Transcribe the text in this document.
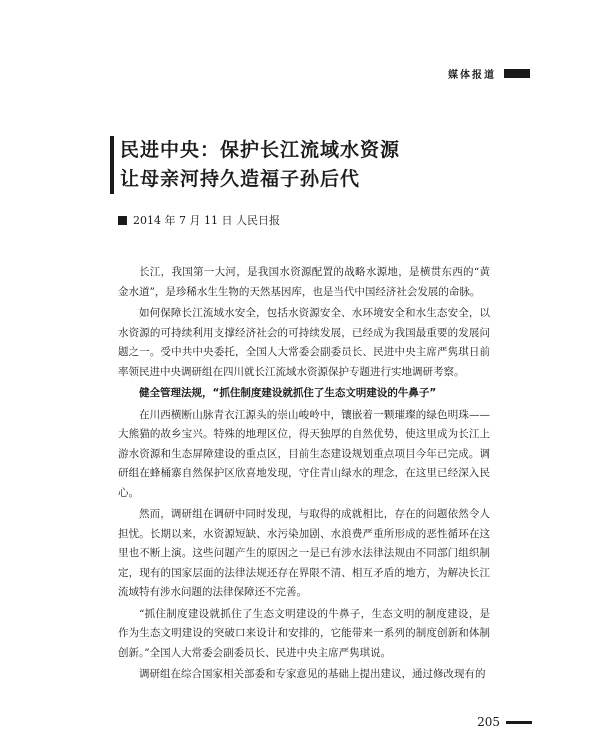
媒体报道
民进中央：保护长江流域水资源
让母亲河持久造福子孙后代
2014 年 7 月 11 日 人民日报

长江，我国第一大河，是我国水资源配置的战略水源地，是横贯东西的“黄金水道”，是珍稀水生生物的天然基因库，也是当代中国经济社会发展的命脉。

如何保障长江流域水安全，包括水资源安全、水环境安全和水生态安全，以水资源的可持续利用支撑经济社会的可持续发展，已经成为我国最重要的发展问题之一。受中共中央委托，全国人大常委会副委员长、民进中央主席严隽琪日前率领民进中央调研组在四川就长江流域水资源保护专题进行实地调研考察。

健全管理法规，“抓住制度建设就抓住了生态文明建设的牛鼻子”

在川西横断山脉青衣江源头的崇山峻岭中，镶嵌着一颗璀璨的绿色明珠——大熊猫的故乡宝兴。特殊的地理区位，得天独厚的自然优势，使这里成为长江上游水资源和生态屏障建设的重点区，目前生态建设规划重点项目今年已完成。调研组在蜂桶寨自然保护区欣喜地发现，守住青山绿水的理念，在这里已经深入民心。

然而，调研组在调研中同时发现，与取得的成就相比，存在的问题依然令人担忧。长期以来，水资源短缺、水污染加剧、水浪费严重所形成的恶性循环在这里也不断上演。这些问题产生的原因之一是已有涉水法律法规由不同部门组织制定，现有的国家层面的法律法规还存在界限不清、相互矛盾的地方，为解决长江流域特有涉水问题的法律保障还不完善。

“抓住制度建设就抓住了生态文明建设的牛鼻子，生态文明的制度建设，是作为生态文明建设的突破口来设计和安排的，它能带来一系列的制度创新和体制创新。”全国人大常委会副委员长、民进中央主席严隽琪说。

调研组在综合国家相关部委和专家意见的基础上提出建议，通过修改现有的

205
